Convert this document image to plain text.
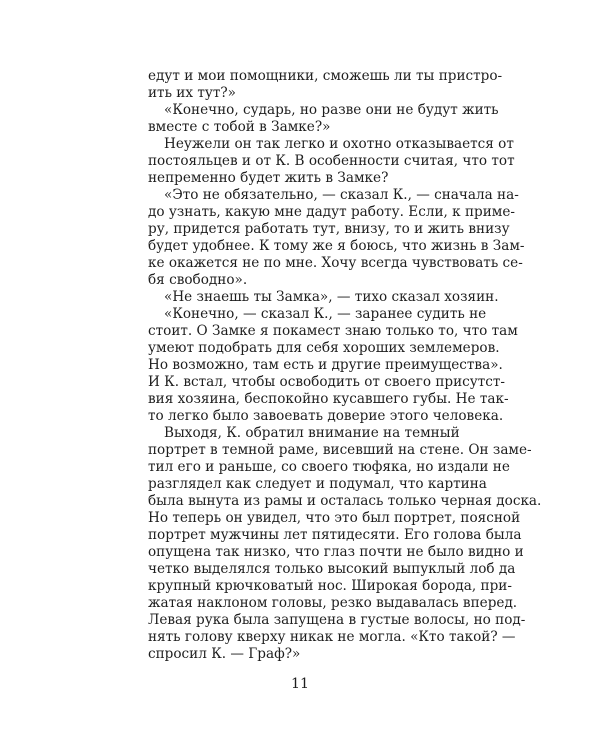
едут и мои помощники, сможешь ли ты пристро-
ить их тут?»
«Конечно, сударь, но разве они не будут жить
вместе с тобой в Замке?»
Неужели он так легко и охотно отказывается от
постояльцев и от К. В особенности считая, что тот
непременно будет жить в Замке?
«Это не обязательно, — сказал К., — сначала на-
до узнать, какую мне дадут работу. Если, к приме-
ру, придется работать тут, внизу, то и жить внизу
будет удобнее. К тому же я боюсь, что жизнь в Зам-
ке окажется не по мне. Хочу всегда чувствовать се-
бя свободно».
«Не знаешь ты Замка», — тихо сказал хозяин.
«Конечно, — сказал К., — заранее судить не
стоит. О Замке я покамест знаю только то, что там
умеют подобрать для себя хороших землемеров.
Но возможно, там есть и другие преимущества».
И К. встал, чтобы освободить от своего присутст-
вия хозяина, беспокойно кусавшего губы. Не так-
то легко было завоевать доверие этого человека.
Выходя, К. обратил внимание на темный
портрет в темной раме, висевший на стене. Он заме-
тил его и раньше, со своего тюфяка, но издали не
разглядел как следует и подумал, что картина
была вынута из рамы и осталась только черная доска.
Но теперь он увидел, что это был портрет, поясной
портрет мужчины лет пятидесяти. Его голова была
опущена так низко, что глаз почти не было видно и
четко выделялся только высокий выпуклый лоб да
крупный крючковатый нос. Широкая борода, при-
жатая наклоном головы, резко выдавалась вперед.
Левая рука была запущена в густые волосы, но под-
нять голову кверху никак не могла. «Кто такой? —
спросил К. — Граф?»
11
